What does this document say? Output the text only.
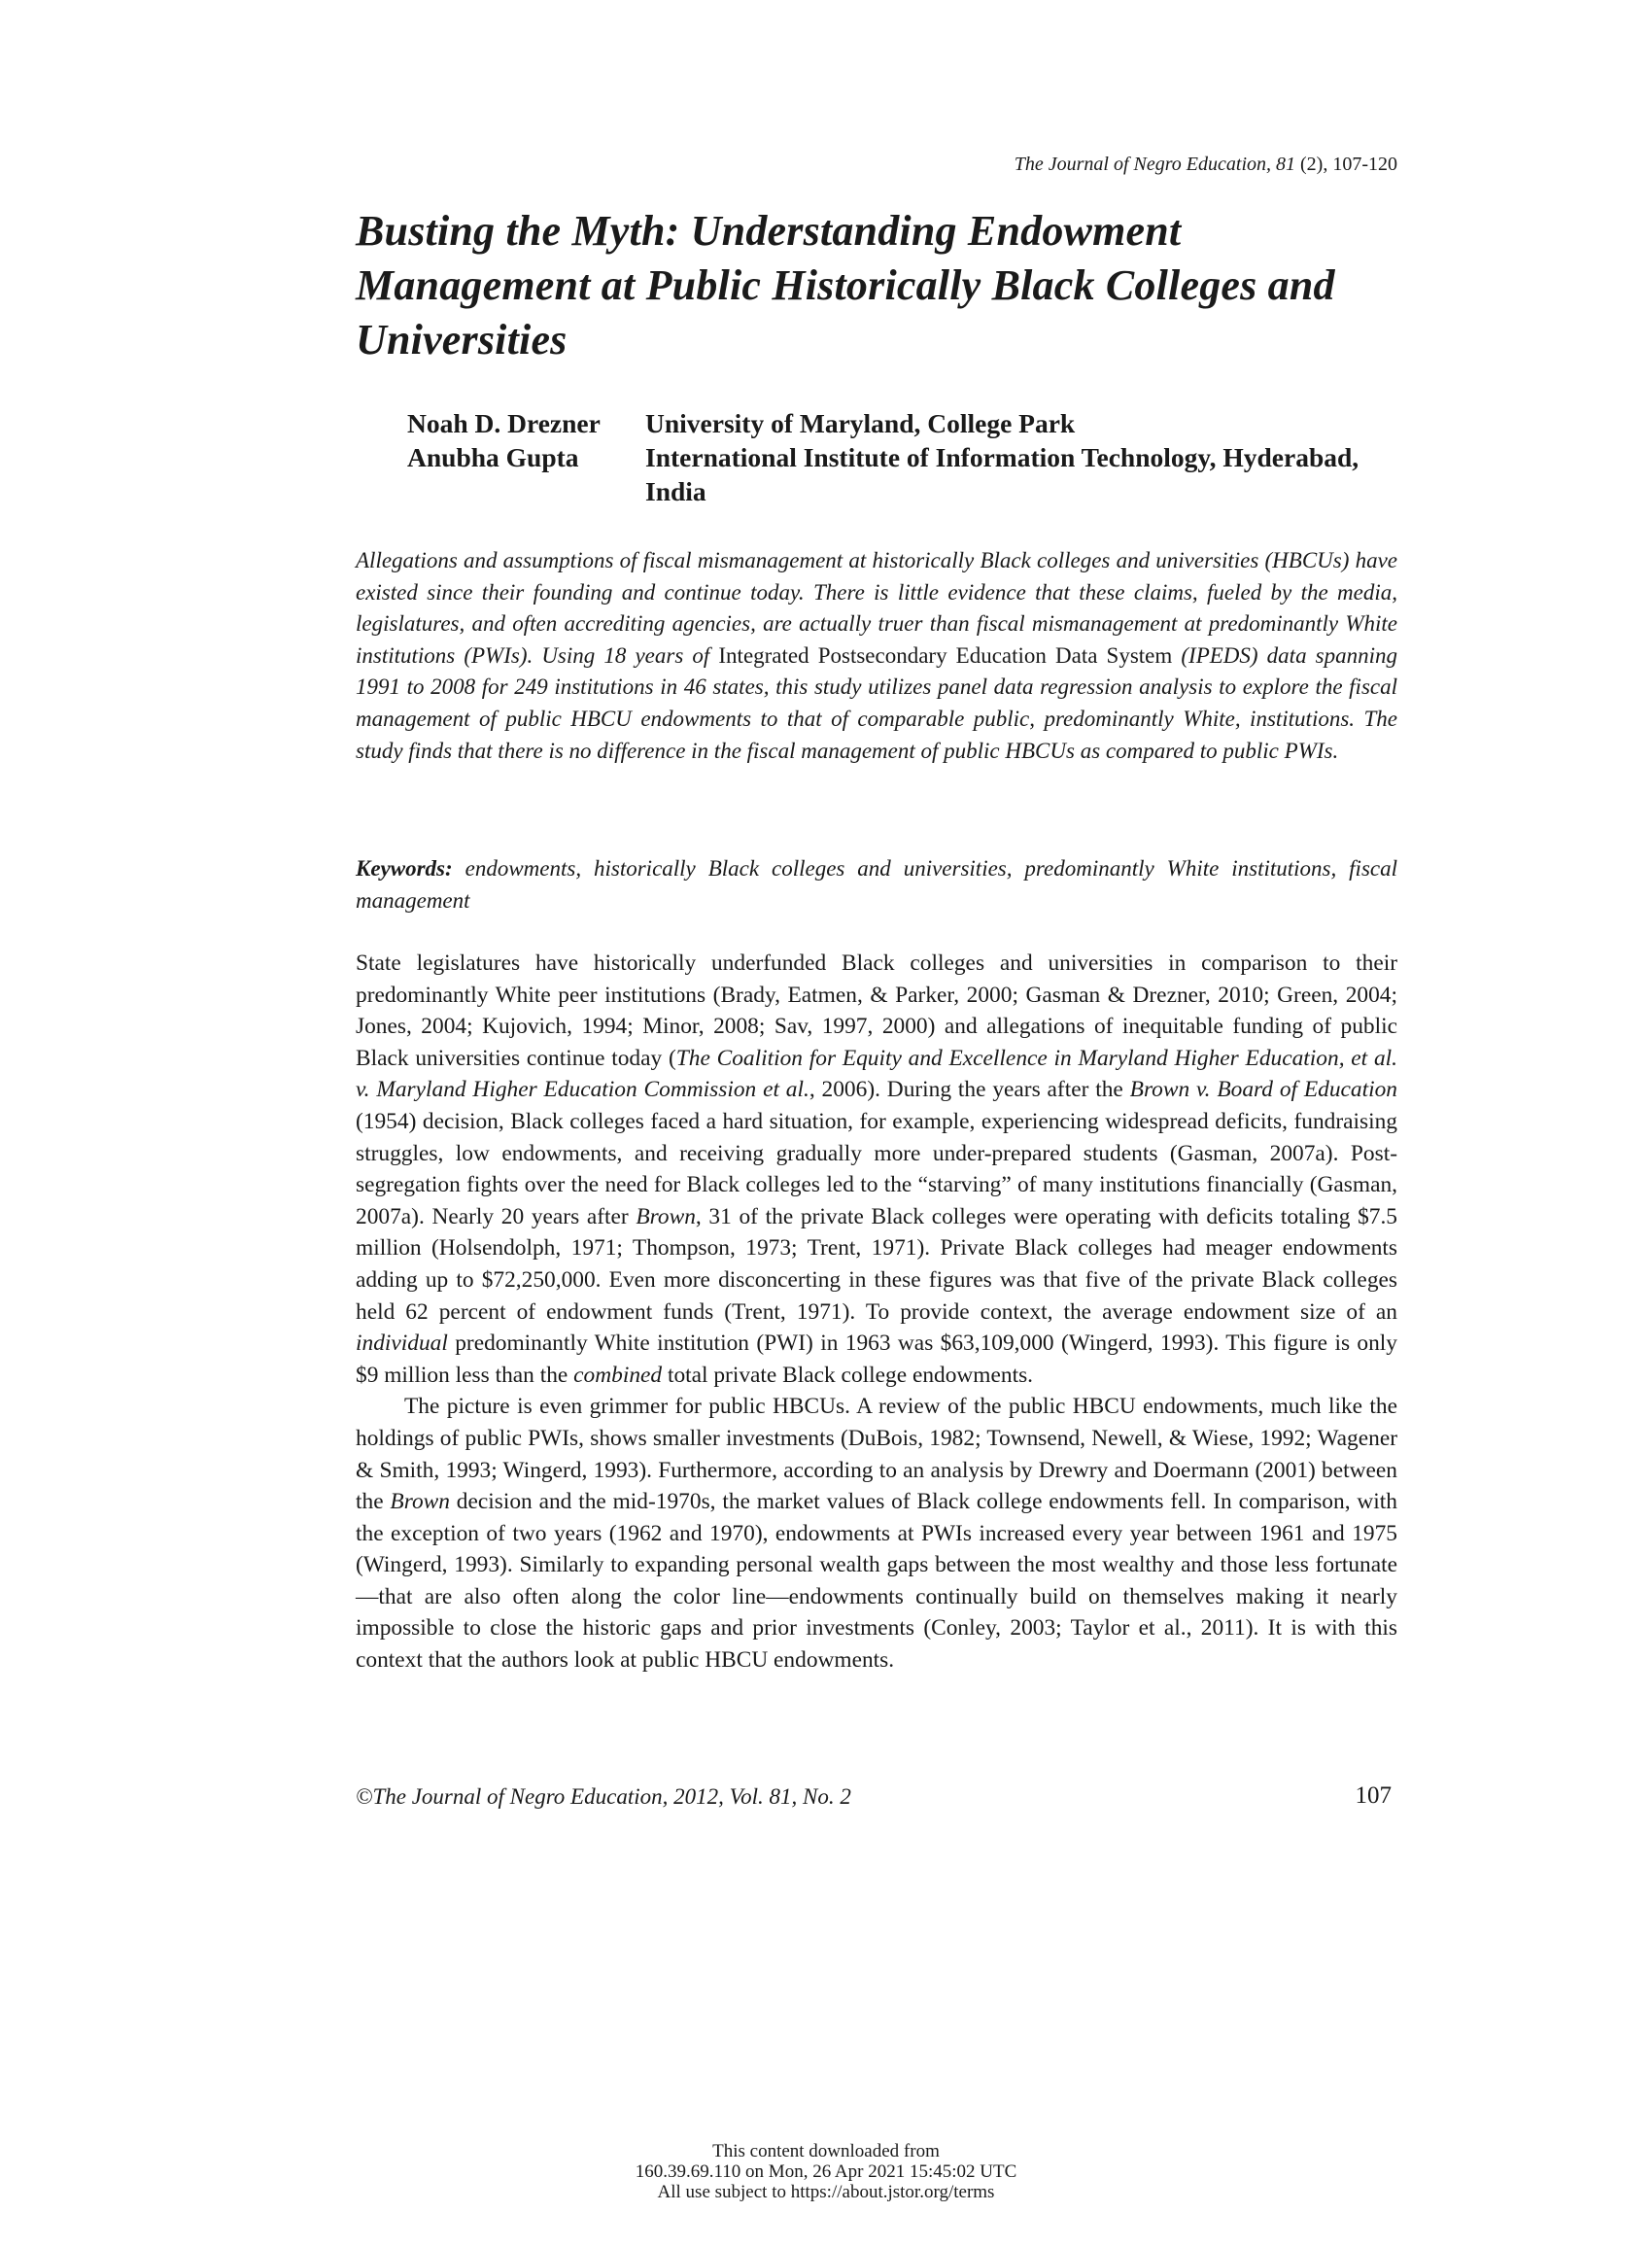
The Journal of Negro Education, 81 (2), 107-120
Busting the Myth: Understanding Endowment Management at Public Historically Black Colleges and Universities
Noah D. Drezner	University of Maryland, College Park
Anubha Gupta	International Institute of Information Technology, Hyderabad, India

Allegations and assumptions of fiscal mismanagement at historically Black colleges and universities (HBCUs) have existed since their founding and continue today. There is little evidence that these claims, fueled by the media, legislatures, and often accrediting agencies, are actually truer than fiscal mismanagement at predominantly White institutions (PWIs). Using 18 years of Integrated Postsecondary Education Data System (IPEDS) data spanning 1991 to 2008 for 249 institutions in 46 states, this study utilizes panel data regression analysis to explore the fiscal management of public HBCU endowments to that of comparable public, predominantly White, institutions. The study finds that there is no difference in the fiscal management of public HBCUs as compared to public PWIs.

Keywords: endowments, historically Black colleges and universities, predominantly White institutions, fiscal management

State legislatures have historically underfunded Black colleges and universities in comparison to their predominantly White peer institutions (Brady, Eatmen, & Parker, 2000; Gasman & Drezner, 2010; Green, 2004; Jones, 2004; Kujovich, 1994; Minor, 2008; Sav, 1997, 2000) and allegations of inequitable funding of public Black universities continue today (The Coalition for Equity and Excellence in Maryland Higher Education, et al. v. Maryland Higher Education Commission et al., 2006). During the years after the Brown v. Board of Education (1954) decision, Black colleges faced a hard situation, for example, experiencing widespread deficits, fundraising struggles, low endowments, and receiving gradually more under-prepared students (Gasman, 2007a). Post-segregation fights over the need for Black colleges led to the “starving” of many institutions financially (Gasman, 2007a). Nearly 20 years after Brown, 31 of the private Black colleges were operating with deficits totaling $7.5 million (Holsendolph, 1971; Thompson, 1973; Trent, 1971). Private Black colleges had meager endowments adding up to $72,250,000. Even more disconcerting in these figures was that five of the private Black colleges held 62 percent of endowment funds (Trent, 1971). To provide context, the average endowment size of an individual predominantly White institution (PWI) in 1963 was $63,109,000 (Wingerd, 1993). This figure is only $9 million less than the combined total private Black college endowments.

The picture is even grimmer for public HBCUs. A review of the public HBCU endowments, much like the holdings of public PWIs, shows smaller investments (DuBois, 1982; Townsend, Newell, & Wiese, 1992; Wagener & Smith, 1993; Wingerd, 1993). Furthermore, according to an analysis by Drewry and Doermann (2001) between the Brown decision and the mid-1970s, the market values of Black college endowments fell. In comparison, with the exception of two years (1962 and 1970), endowments at PWIs increased every year between 1961 and 1975 (Wingerd, 1993). Similarly to expanding personal wealth gaps between the most wealthy and those less fortunate—that are also often along the color line—endowments continually build on themselves making it nearly impossible to close the historic gaps and prior investments (Conley, 2003; Taylor et al., 2011). It is with this context that the authors look at public HBCU endowments.

©The Journal of Negro Education, 2012, Vol. 81, No. 2	107
This content downloaded from
160.39.69.110 on Mon, 26 Apr 2021 15:45:02 UTC
All use subject to https://about.jstor.org/terms
